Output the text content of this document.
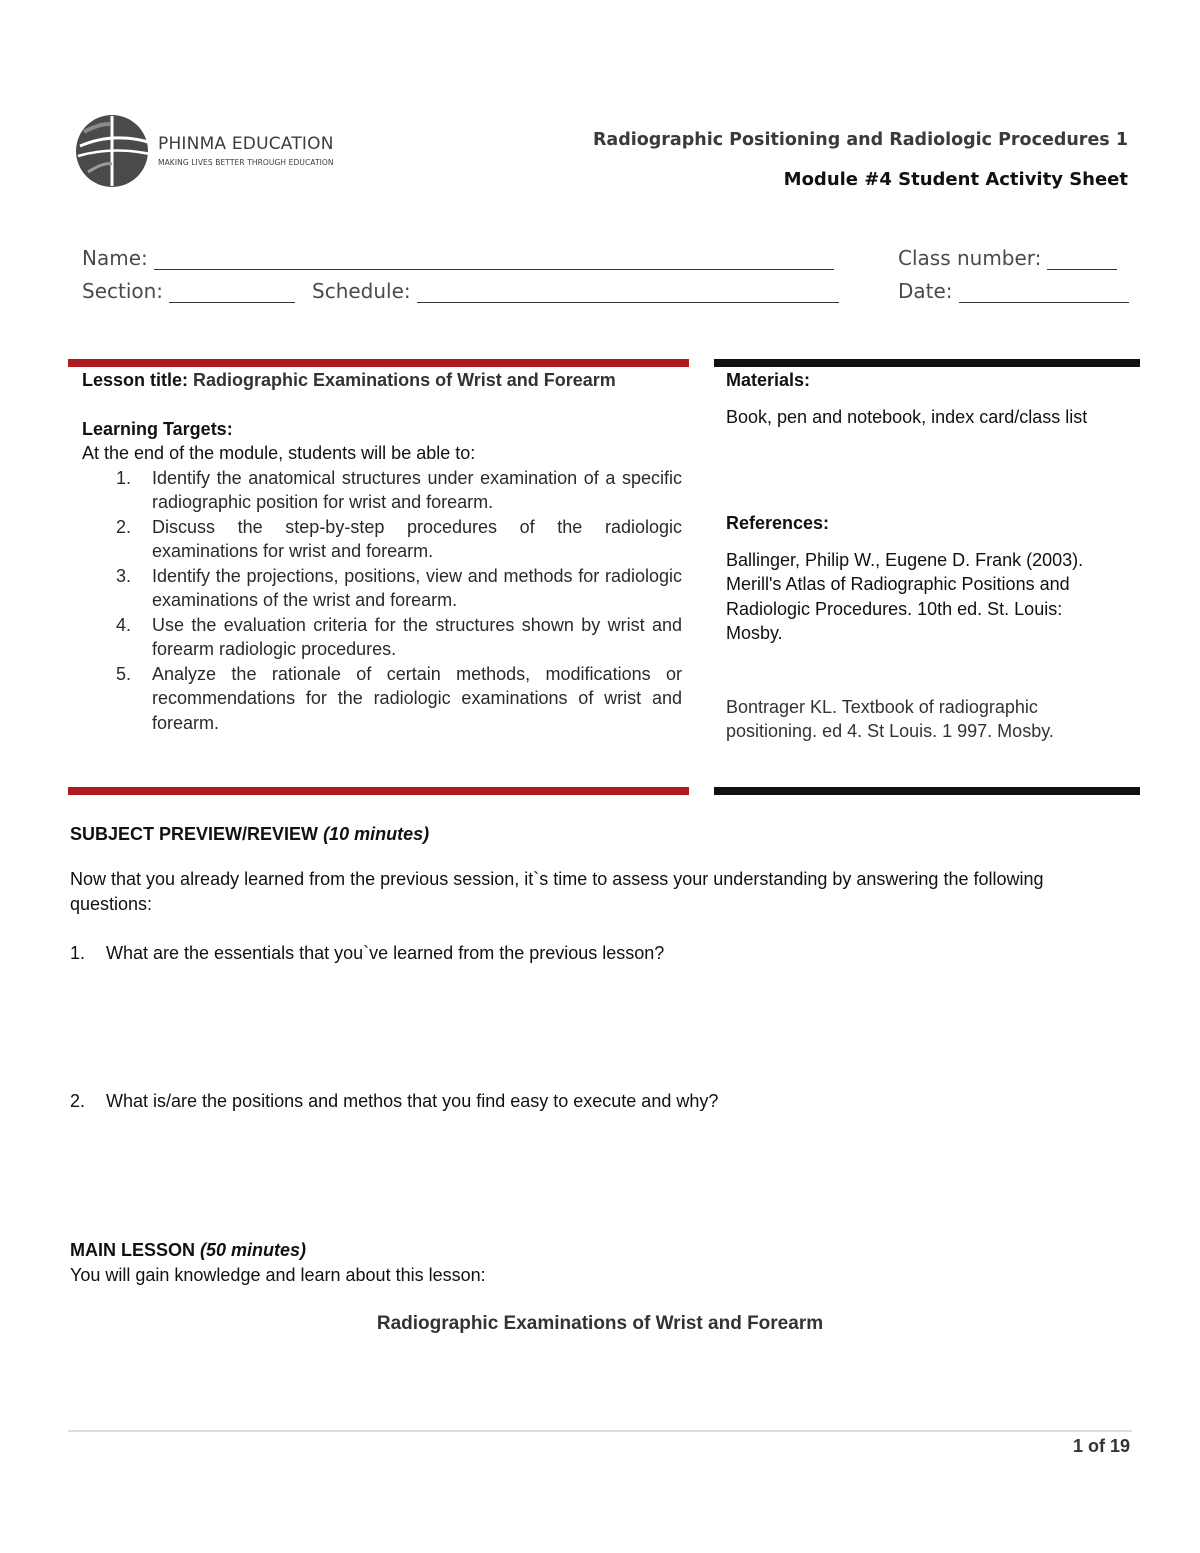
PHINMA EDUCATION
MAKING LIVES BETTER THROUGH EDUCATION
Radiographic Positioning and Radiologic Procedures 1
Module #4 Student Activity Sheet
Name:	Class number:
Section:	Schedule:	Date:
Lesson title: Radiographic Examinations of Wrist and Forearm
Learning Targets:
At the end of the module, students will be able to:
Identify the anatomical structures under examination of a specific radiographic position for wrist and forearm.
Discuss the step-by-step procedures of the radiologic examinations for wrist and forearm.
Identify the projections, positions, view and methods for radiologic examinations of the wrist and forearm.
Use the evaluation criteria for the structures shown by wrist and forearm radiologic procedures.
Analyze the rationale of certain methods, modifications or recommendations for the radiologic examinations of wrist and forearm.
Materials:
Book, pen and notebook, index card/class list
References:
Ballinger, Philip W., Eugene D. Frank (2003). Merill's Atlas of Radiographic Positions and Radiologic Procedures. 10th ed. St. Louis: Mosby.
Bontrager KL. Textbook of radiographic positioning. ed 4. St Louis. 1 997. Mosby.
SUBJECT PREVIEW/REVIEW (10 minutes)
Now that you already learned from the previous session, it`s time to assess your understanding by answering the following questions:
1. What are the essentials that you`ve learned from the previous lesson?
2. What is/are the positions and methos that you find easy to execute and why?
MAIN LESSON (50 minutes)
You will gain knowledge and learn about this lesson:
Radiographic Examinations of Wrist and Forearm
1 of 19
